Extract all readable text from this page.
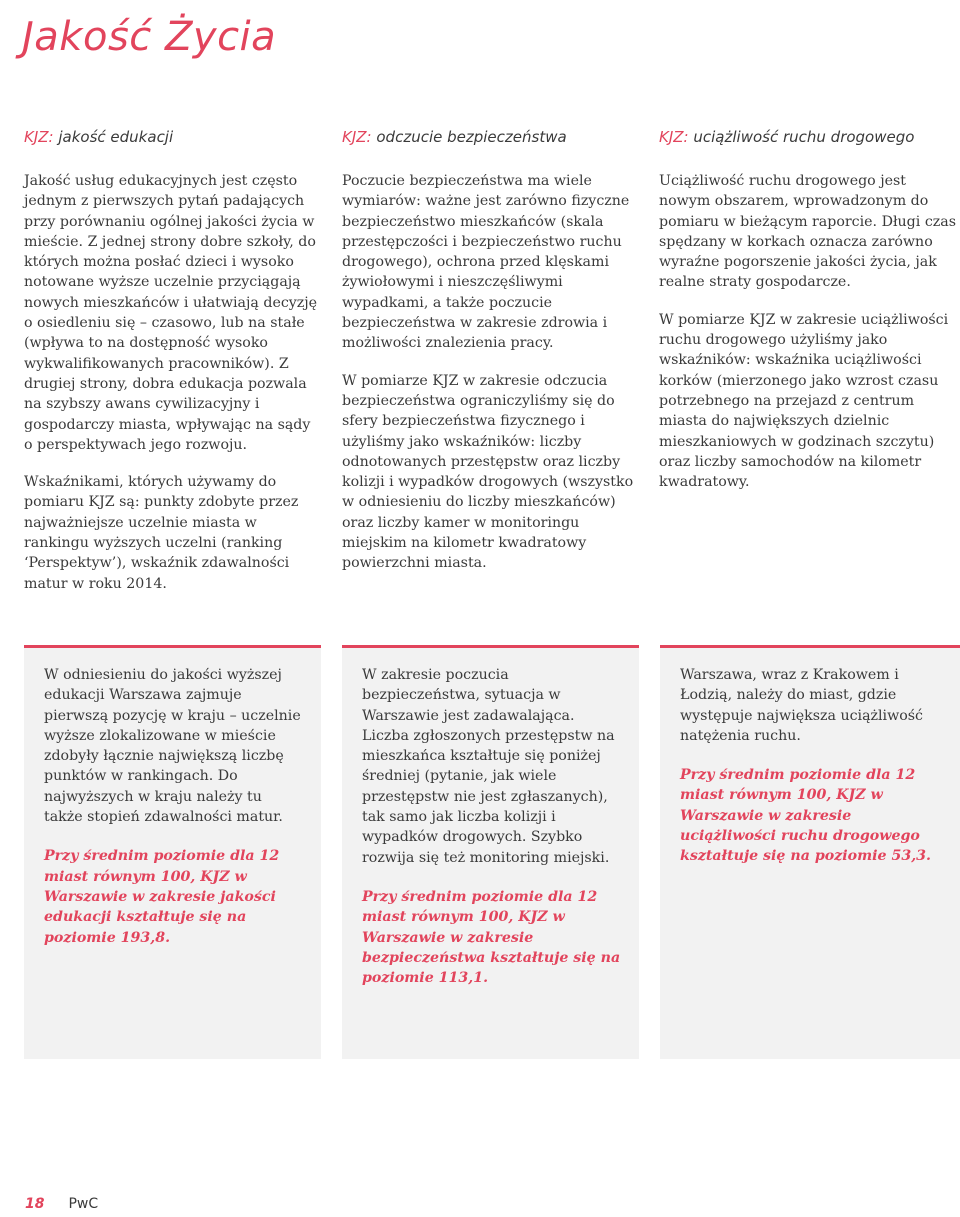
Jakość Życia
KJZ: jakość edukacji

Jakość usług edukacyjnych jest często jednym z pierwszych pytań padających przy porównaniu ogólnej jakości życia w mieście. Z jednej strony dobre szkoły, do których można posłać dzieci i wysoko notowane wyższe uczelnie przyciągają nowych mieszkańców i ułatwiają decyzję o osiedleniu się – czasowo, lub na stałe (wpływa to na dostępność wysoko wykwalifikowanych pracowników). Z drugiej strony, dobra edukacja pozwala na szybszy awans cywilizacyjny i gospodarczy miasta, wpływając na sądy o perspektywach jego rozwoju.

Wskaźnikami, których używamy do pomiaru KJZ są: punkty zdobyte przez najważniejsze uczelnie miasta w rankingu wyższych uczelni (ranking ‘Perspektyw’), wskaźnik zdawalności matur w roku 2014.

KJZ: odczucie bezpieczeństwa

Poczucie bezpieczeństwa ma wiele wymiarów: ważne jest zarówno fizyczne bezpieczeństwo mieszkańców (skala przestępczości i bezpieczeństwo ruchu drogowego), ochrona przed klęskami żywiołowymi i nieszczęśliwymi wypadkami, a także poczucie bezpieczeństwa w zakresie zdrowia i możliwości znalezienia pracy.

W pomiarze KJZ w zakresie odczucia bezpieczeństwa ograniczyliśmy się do sfery bezpieczeństwa fizycznego i użyliśmy jako wskaźników: liczby odnotowanych przestępstw oraz liczby kolizji i wypadków drogowych (wszystko w odniesieniu do liczby mieszkańców) oraz liczby kamer w monitoringu miejskim na kilometr kwadratowy powierzchni miasta.

KJZ: uciążliwość ruchu drogowego

Uciążliwość ruchu drogowego jest nowym obszarem, wprowadzonym do pomiaru w bieżącym raporcie. Długi czas spędzany w korkach oznacza zarówno wyraźne pogorszenie jakości życia, jak realne straty gospodarcze.

W pomiarze KJZ w zakresie uciążliwości ruchu drogowego użyliśmy jako wskaźników: wskaźnika uciążliwości korków (mierzonego jako wzrost czasu potrzebnego na przejazd z centrum miasta do największych dzielnic mieszkaniowych w godzinach szczytu) oraz liczby samochodów na kilometr kwadratowy.

W odniesieniu do jakości wyższej edukacji Warszawa zajmuje pierwszą pozycję w kraju – uczelnie wyższe zlokalizowane w mieście zdobyły łącznie największą liczbę punktów w rankingach. Do najwyższych w kraju należy tu także stopień zdawalności matur.

Przy średnim poziomie dla 12 miast równym 100, KJZ w Warszawie w zakresie jakości edukacji kształtuje się na poziomie 193,8.

W zakresie poczucia bezpieczeństwa, sytuacja w Warszawie jest zadawalająca. Liczba zgłoszonych przestępstw na mieszkańca kształtuje się poniżej średniej (pytanie, jak wiele przestępstw nie jest zgłaszanych), tak samo jak liczba kolizji i wypadków drogowych. Szybko rozwija się też monitoring miejski.

Przy średnim poziomie dla 12 miast równym 100, KJZ w Warszawie w zakresie bezpieczeństwa kształtuje się na poziomie 113,1.

Warszawa, wraz z Krakowem i Łodzią, należy do miast, gdzie występuje największa uciążliwość natężenia ruchu.

Przy średnim poziomie dla 12 miast równym 100, KJZ w Warszawie w zakresie uciążliwości ruchu drogowego kształtuje się na poziomie 53,3.

18 PwC
